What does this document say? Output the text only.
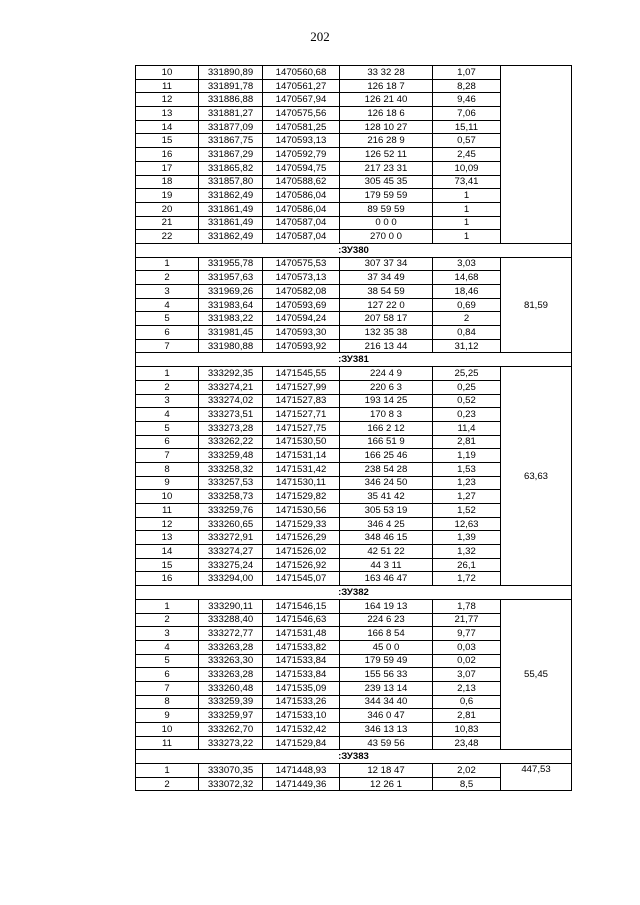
202
10	331890,89	1470560,68	33 32 28	1,07	
11	331891,78	1470561,27	126 18 7	8,28	
12	331886,88	1470567,94	126 21 40	9,46	
13	331881,27	1470575,56	126 18 6	7,06	
14	331877,09	1470581,25	128 10 27	15,11	
15	331867,75	1470593,13	216 28 9	0,57	
16	331867,29	1470592,79	126 52 11	2,45	
17	331865,82	1470594,75	217 23 31	10,09	
18	331857,80	1470588,62	305 45 35	73,41	
19	331862,49	1470586,04	179 59 59	1	
20	331861,49	1470586,04	89 59 59	1	
21	331861,49	1470587,04	0 0 0	1	
22	331862,49	1470587,04	270 0 0	1	
:ЗУ380					
1	331955,78	1470575,53	307 37 34	3,03	81,59
2	331957,63	1470573,13	37 34 49	14,68	
3	331969,26	1470582,08	38 54 59	18,46	
4	331983,64	1470593,69	127 22 0	0,69	
5	331983,22	1470594,24	207 58 17	2	
6	331981,45	1470593,30	132 35 38	0,84	
7	331980,88	1470593,92	216 13 44	31,12	
:ЗУ381					
1	333292,35	1471545,55	224 4 9	25,25	63,63
2	333274,21	1471527,99	220 6 3	0,25	
3	333274,02	1471527,83	193 14 25	0,52	
4	333273,51	1471527,71	170 8 3	0,23	
5	333273,28	1471527,75	166 2 12	11,4	
6	333262,22	1471530,50	166 51 9	2,81	
7	333259,48	1471531,14	166 25 46	1,19	
8	333258,32	1471531,42	238 54 28	1,53	
9	333257,53	1471530,11	346 24 50	1,23	
10	333258,73	1471529,82	35 41 42	1,27	
11	333259,76	1471530,56	305 53 19	1,52	
12	333260,65	1471529,33	346 4 25	12,63	
13	333272,91	1471526,29	348 46 15	1,39	
14	333274,27	1471526,02	42 51 22	1,32	
15	333275,24	1471526,92	44 3 11	26,1	
16	333294,00	1471545,07	163 46 47	1,72	
:ЗУ382					
1	333290,11	1471546,15	164 19 13	1,78	55,45
2	333288,40	1471546,63	224 6 23	21,77	
3	333272,77	1471531,48	166 8 54	9,77	
4	333263,28	1471533,82	45 0 0	0,03	
5	333263,30	1471533,84	179 59 49	0,02	
6	333263,28	1471533,84	155 56 33	3,07	
7	333260,48	1471535,09	239 13 14	2,13	
8	333259,39	1471533,26	344 34 40	0,6	
9	333259,97	1471533,10	346 0 47	2,81	
10	333262,70	1471532,42	346 13 13	10,83	
11	333273,22	1471529,84	43 59 56	23,48	
:ЗУ383					
1	333070,35	1471448,93	12 18 47	2,02	447,53
2	333072,32	1471449,36	12 26 1	8,5	
